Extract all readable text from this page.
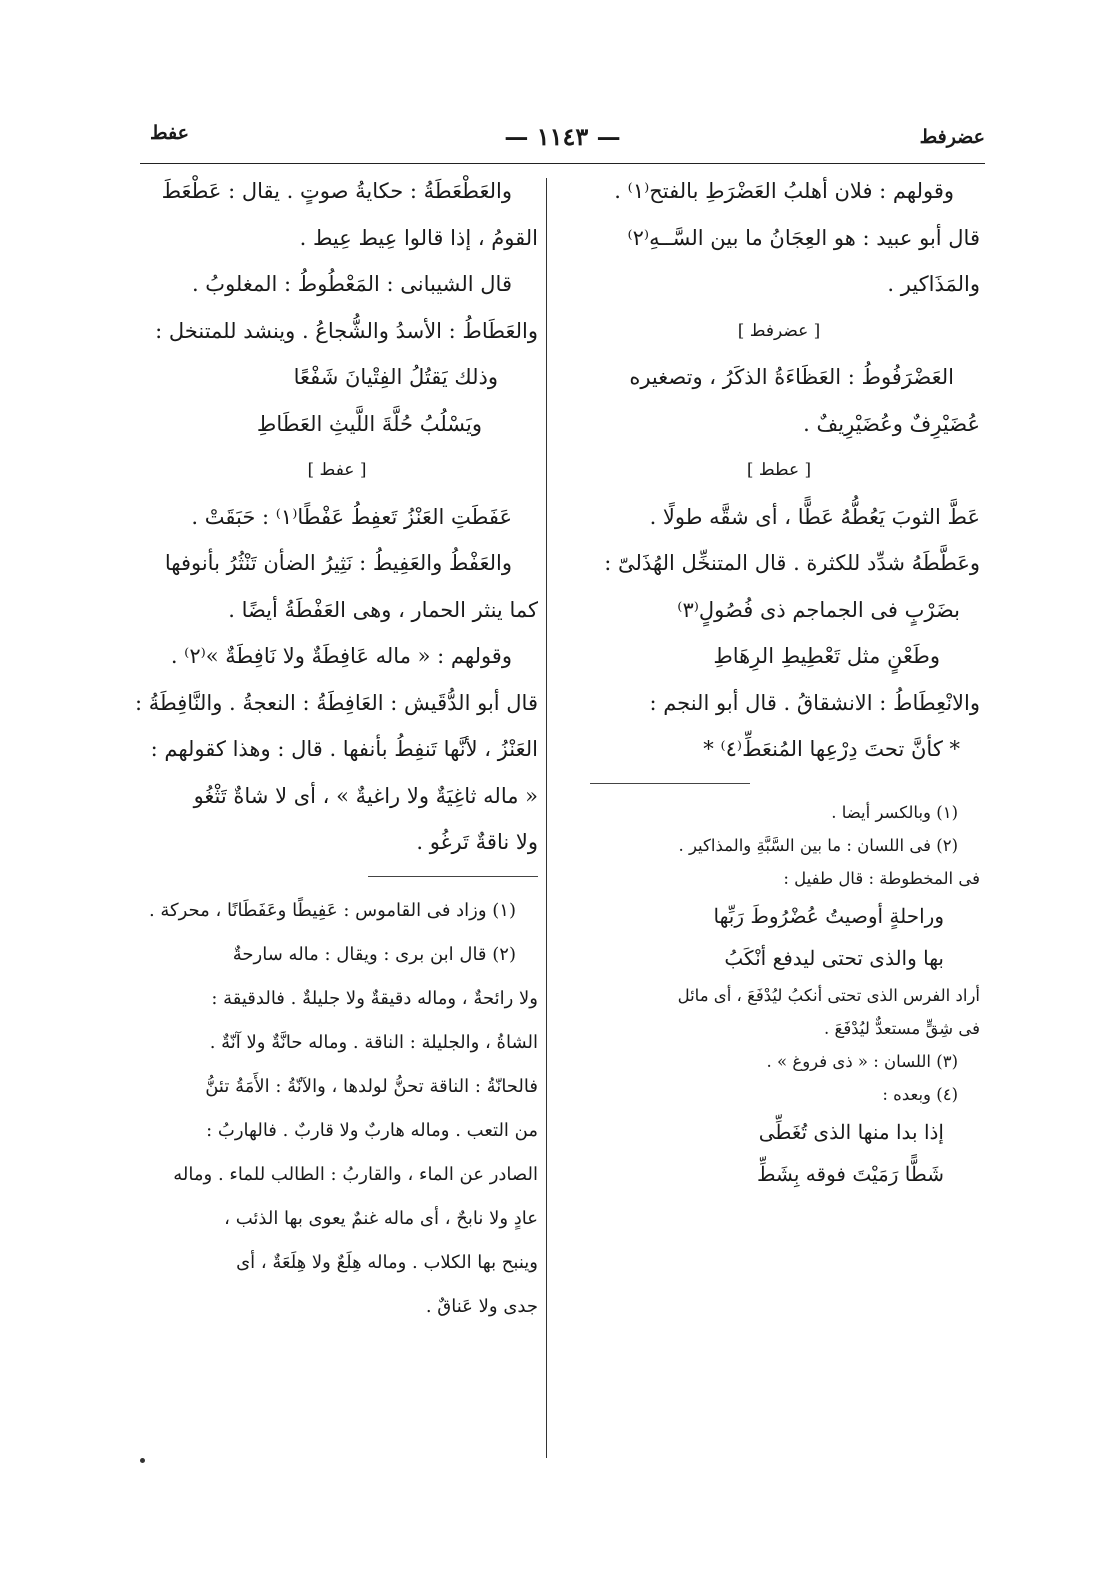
عضرفط
— ١١٤٣ —
عفط
وقولهم : فلان أهلبُ العَضْرَطِ بالفتح⁽١⁾ .
قال أبو عبيد : هو العِجَانُ ما بين السَّــهِ⁽٢⁾
والمَذَاكير .
[ عضرفط ]
العَضْرَفُوطُ : العَظَاءَةُ الذكَرُ ، وتصغيره
عُضَيْرِفٌ وعُضَيْرِيفٌ .
[ عطط ]
عَطَّ الثوبَ يَعُطُّهُ عَطًّا ، أى شقَّه طولًا .
وعَطَّطَهُ شدِّد للكثرة . قال المتنخِّل الهُذَلىّ :
بضَرْبٍ فى الجماجم ذى فُصُولٍ⁽٣⁾
وطَعْنٍ مثل تَعْطِيطِ الرِهَاطِ
والانْعِطَاطُ : الانشقاقُ . قال أبو النجم :
* كأنَّ تحتَ دِرْعِها المُنعَطِّ⁽٤⁾ *
(١) وبالكسر أيضا .
(٢) فى اللسان : ما بين السَّبَّةِ والمذاكير .
فى المخطوطة : قال طفيل :
وراحلةٍ أوصيتُ عُضْرُوطَ رَبِّها
بها والذى تحتى ليدفع أنْكَبُ
أراد الفرس الذى تحتى أنكبُ ليُدْفَعَ ، أى مائل
فى شِقٍّ مستعدٌّ ليُدْفَعَ .
(٣) اللسان : « ذى فروغ » .
(٤) وبعده :
إذا بدا منها الذى تُغَطِّى
شَطًّا رَمَيْتَ فوقه بِشَطِّ
والعَطْعَطَةُ : حكايةُ صوتٍ . يقال : عَطْعَطَ
القومُ ، إذا قالوا عِيط عِيط .
قال الشيبانى : المَعْطُوطُ : المغلوبُ .
والعَطَاطُ : الأسدُ والشُّجاعُ . وينشد للمتنخل :
وذلك يَقتُلُ الفِتْيانَ شَفْعًا
ويَسْلُبُ حُلَّةَ اللَّيثِ العَطَاطِ
[ عفط ]
عَفَطَتِ العَنْزُ تَعفِطُ عَفْطًا⁽١⁾ : حَبَقَتْ .
والعَفْطُ والعَفِيطُ : نَثِيرُ الضأن تَنْثُرُ بأنوفها
كما ينثر الحمار ، وهى العَفْطَةُ أيضًا .
وقولهم : « ماله عَافِطَةٌ ولا نَافِطَةٌ »⁽٢⁾ .
قال أبو الدُّقَيش : العَافِطَةُ : النعجةُ . والنَّافِطَةُ :
العَنْزُ ، لأنَّها تَنفِطُ بأنفها . قال : وهذا كقولهم :
« ماله ثاغِيَةٌ ولا راغيةٌ » ، أى لا شاةٌ تَثْغُو
ولا ناقةٌ تَرغُو .
(١) وزاد فى القاموس : عَفِيطًا وعَفَطَانًا ، محركة .
(٢) قال ابن برى : ويقال : ماله سارحةٌ
ولا رائحةٌ ، وماله دقيقةٌ ولا جليلةٌ . فالدقيقة :
الشاةُ ، والجليلة : الناقة . وماله حانَّةٌ ولا آنّةٌ .
فالحانّةُ : الناقة تحنُّ لولدها ، والآنّةُ : الأَمَةُ تئنُّ
من التعب . وماله هاربٌ ولا قاربٌ . فالهاربُ :
الصادر عن الماء ، والقاربُ : الطالب للماء . وماله
عادٍ ولا نابحٌ ، أى ماله غنمٌ يعوى بها الذئب ،
وينبح بها الكلاب . وماله هِلَعٌ ولا هِلَعَةٌ ، أى
جدى ولا عَناقٌ .
